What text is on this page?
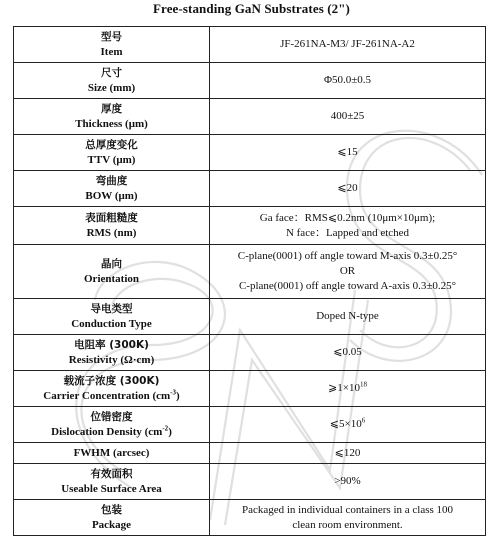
Free-standing GaN Substrates (2")
型号
Item	JF-261NA-M3/ JF-261NA-A2

尺寸
Size (mm)	Φ50.0±0.5

厚度
Thickness (μm)	400±25

总厚度变化
TTV (μm)	⩽15

弯曲度
BOW (μm)	⩽20

表面粗糙度
RMS (nm)	Ga face：RMS⩽0.2nm (10μm×10μm);
N face：Lapped and etched

晶向
Orientation	C-plane(0001) off angle toward M-axis 0.3±0.25°
OR
C-plane(0001) off angle toward A-axis 0.3±0.25°

导电类型
Conduction Type	Doped N-type

电阻率 (300K)
Resistivity (Ω·cm)	⩽0.05

载流子浓度 (300K)
Carrier Concentration $(cm^{-3})$	$⩾1\times 10^{18}$

位错密度
Dislocation Density $(cm^{-2})$	$⩽5\times 10^6$

FWHM (arcsec)	⩽120

有效面积
Useable Surface Area	>90%

包装
Package	Packaged in individual containers in a class 100
clean room environment.
